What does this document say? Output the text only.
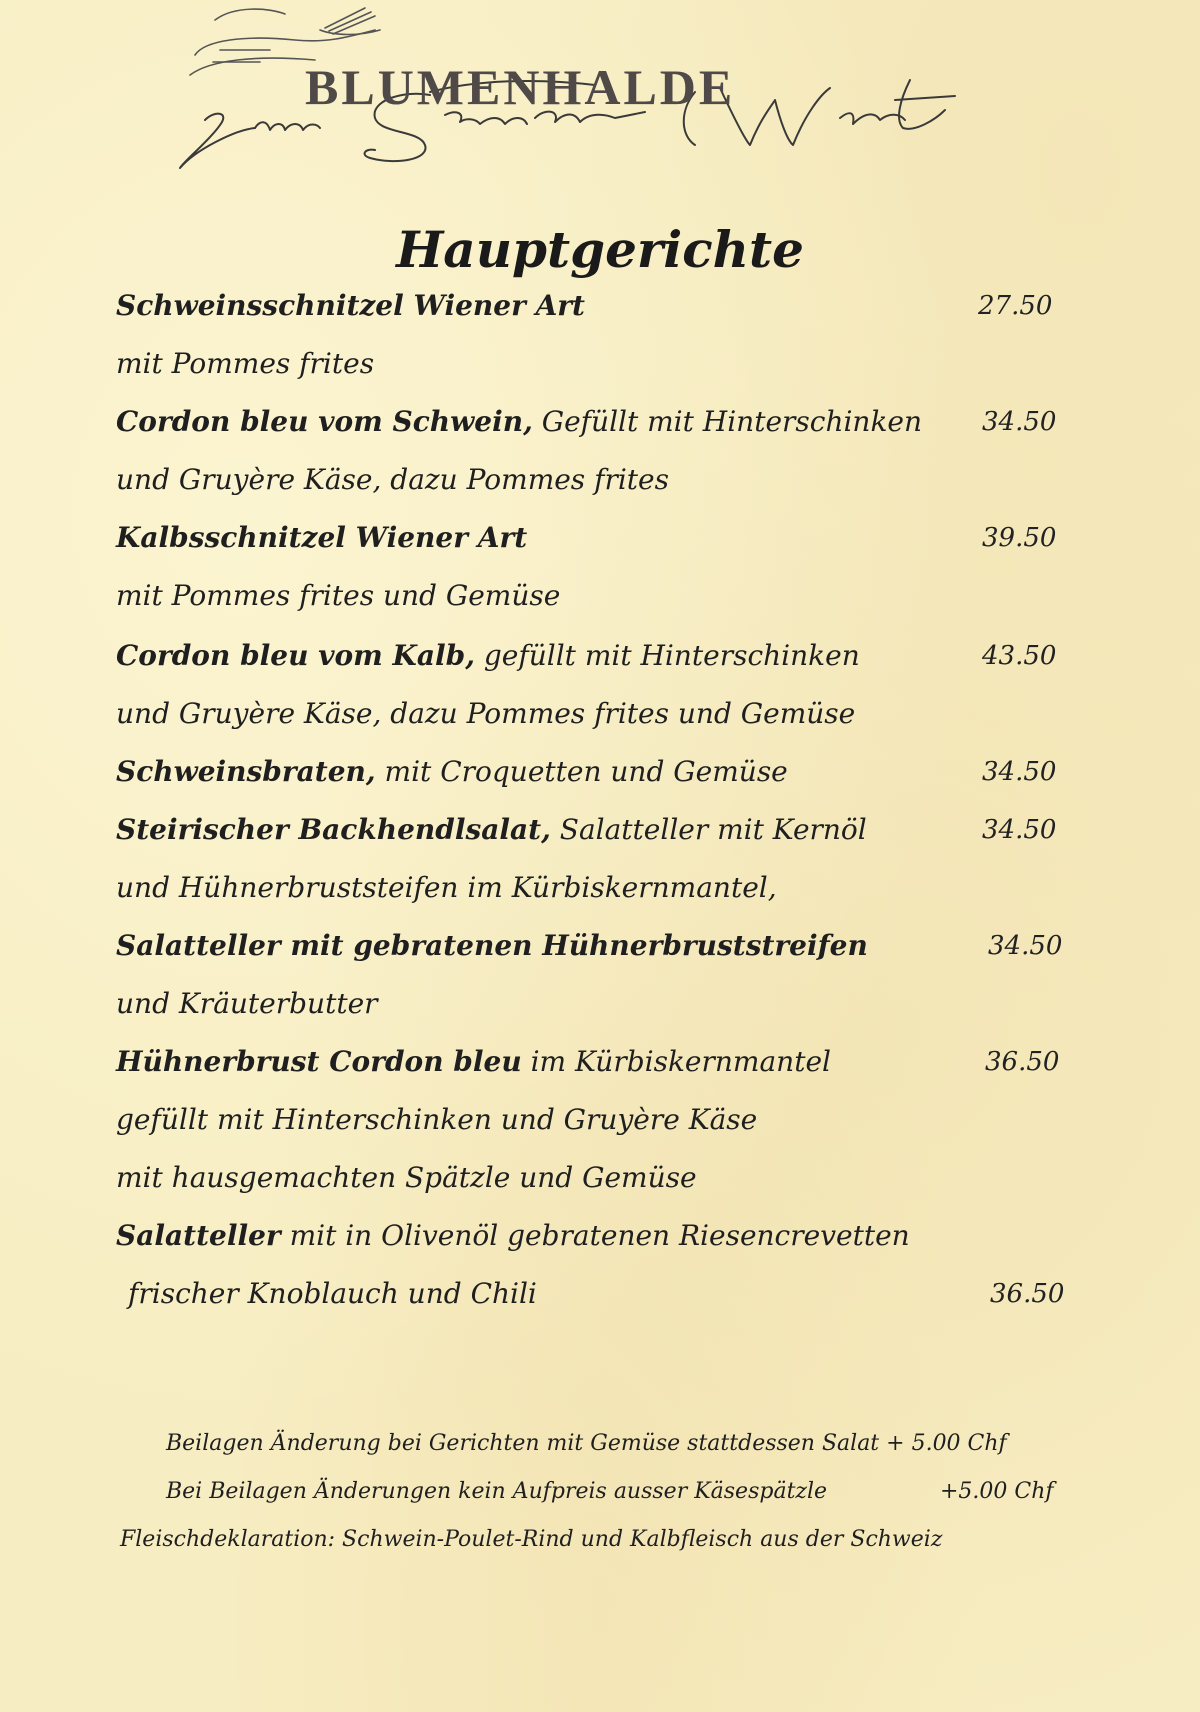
BLUMENHALDE
Hauptgerichte
Schweinsschnitzel Wiener Art	27.50
mit Pommes frites
Cordon bleu vom Schwein, Gefüllt mit Hinterschinken 34.50
und Gruyère Käse, dazu Pommes frites
Kalbsschnitzel Wiener Art	39.50
mit Pommes frites und Gemüse
Cordon bleu vom Kalb, gefüllt mit Hinterschinken	43.50
und Gruyère Käse, dazu Pommes frites und Gemüse
Schweinsbraten, mit Croquetten und Gemüse	34.50
Steirischer Backhendlsalat, Salatteller mit Kernöl	34.50
und Hühnerbruststeifen im Kürbiskernmantel,
Salatteller mit gebratenen Hühnerbruststreifen	34.50
und Kräuterbutter
Hühnerbrust Cordon bleu im Kürbiskernmantel	36.50
gefüllt mit Hinterschinken und Gruyère Käse
mit hausgemachten Spätzle und Gemüse
Salatteller mit in Olivenöl gebratenen Riesencrevetten
frischer Knoblauch und Chili	36.50
Beilagen Änderung bei Gerichten mit Gemüse stattdessen Salat + 5.00 Chf
Bei Beilagen Änderungen kein Aufpreis ausser Käsespätzle	+5.00 Chf
Fleischdeklaration: Schwein-Poulet-Rind und Kalbfleisch aus der Schweiz
